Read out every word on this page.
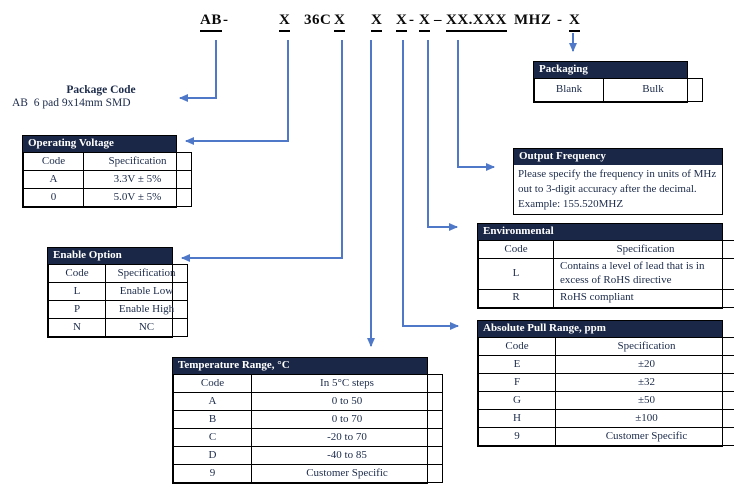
AB -	X 36C X X X - X – XX.XXX MHZ - X
Package Code
AB  6 pad 9x14mm SMD
Packaging
Blank	Bulk
Operating Voltage
Code	Specification
A	3.3V ± 5%
0	5.0V ± 5%
Enable Option
Code	Specification
L	Enable Low
P	Enable High
N	NC
Temperature Range, °C
Code	In 5°C steps
A	0 to 50
B	0 to 70
C	-20 to 70
D	-40 to 85
9	Customer Specific
Environmental
Code	Specification
L	Contains a level of lead that is in excess of RoHS directive
R	RoHS compliant
Absolute Pull Range, ppm
Code	Specification
E	±20
F	±32
G	±50
H	±100
9	Customer Specific
Output Frequency
Please specify the frequency in units of MHz
out to 3-digit accuracy after the decimal.
Example: 155.520MHZ
